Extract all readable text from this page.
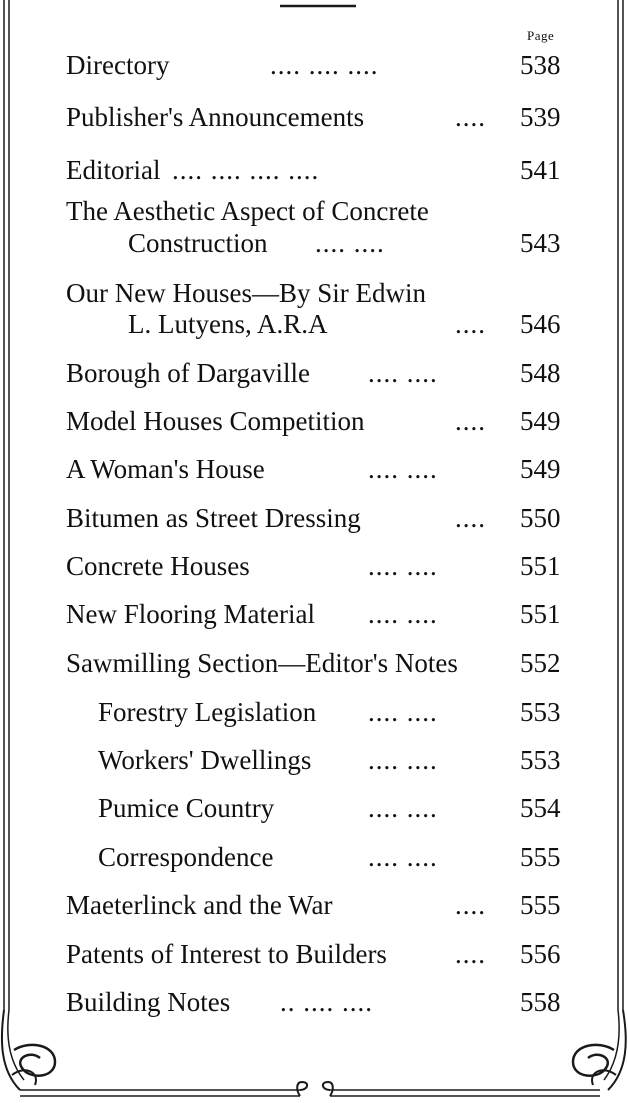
Page
Directory	.... .... ....	538
Publisher's Announcements	.... 539
Editorial .... .... .... ....	541
The Aesthetic Aspect of Concrete
Construction .... ....	543
Our New Houses—By Sir Edwin
L. Lutyens, A.R.A	.... 546
Borough of Dargaville .... ....	548
Model Houses Competition	.... 549
A Woman's House	.... ....	549
Bitumen as Street Dressing	.... 550
Concrete Houses	.... ....	551
New Flooring Material .... ....	551
Sawmilling Section—Editor's Notes 552
Forestry Legislation .... ....	553
Workers' Dwellings .... ....	553
Pumice Country	.... ....	554
Correspondence	.... ....	555
Maeterlinck and the War	.... 555
Patents of Interest to Builders	.... 556
Building Notes .. .... ....	558
